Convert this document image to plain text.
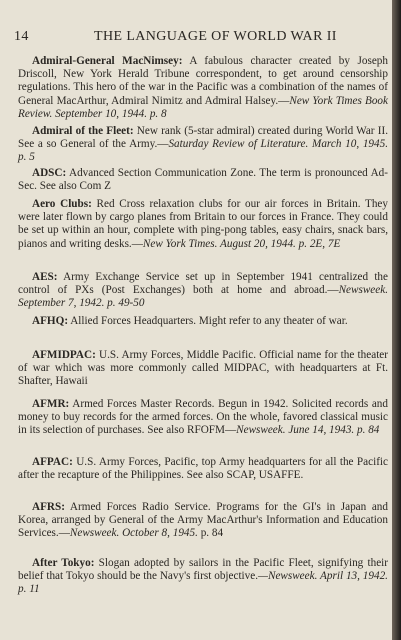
14	THE LANGUAGE OF WORLD WAR II
Admiral-General MacNimsey: A fabulous character created by Joseph Driscoll, New York Herald Tribune correspondent, to get around censorship regulations. This hero of the war in the Pacific was a combination of the names of General MacArthur, Admiral Nimitz and Admiral Halsey.—New York Times Book Review. September 10, 1944. p. 8
Admiral of the Fleet: New rank (5-star admiral) created during World War II. See a so General of the Army.—Saturday Review of Literature. March 10, 1945. p. 5
ADSC: Advanced Section Communication Zone. The term is pronounced Ad-Sec. See also Com Z
Aero Clubs: Red Cross relaxation clubs for our air forces in Britain. They were later flown by cargo planes from Britain to our forces in France. They could be set up within an hour, complete with ping-pong tables, easy chairs, snack bars, pianos and writing desks.—New York Times. August 20, 1944. p. 2E, 7E
AES: Army Exchange Service set up in September 1941 centralized the control of PXs (Post Exchanges) both at home and abroad.—Newsweek. September 7, 1942. p. 49-50
AFHQ: Allied Forces Headquarters. Might refer to any theater of war.
AFMIDPAC: U.S. Army Forces, Middle Pacific. Official name for the theater of war which was more commonly called MIDPAC, with headquarters at Ft. Shafter, Hawaii
AFMR: Armed Forces Master Records. Begun in 1942. Solicited records and money to buy records for the armed forces. On the whole, favored classical music in its selection of purchases. See also RFOFM—Newsweek. June 14, 1943. p. 84
AFPAC: U.S. Army Forces, Pacific, top Army headquarters for all the Pacific after the recapture of the Philippines. See also SCAP, USAFFE.
AFRS: Armed Forces Radio Service. Programs for the GI's in Japan and Korea, arranged by General of the Army MacArthur's Information and Education Services.—Newsweek. October 8, 1945. p. 84
After Tokyo: Slogan adopted by sailors in the Pacific Fleet, signifying their belief that Tokyo should be the Navy's first objective.—Newsweek. April 13, 1942. p. 11
